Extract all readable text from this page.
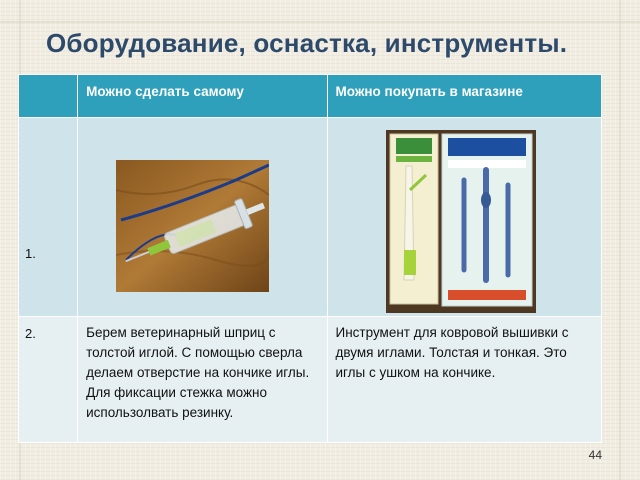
Оборудование, оснастка, инструменты.

	Можно сделать самому	Можно покупать в магазине

1.

2.	Берем ветеринарный шприц с толстой иглой. С помощью сверла делаем отверстие на кончике иглы. Для фиксации стежка можно использолвать резинку.	Инструмент для ковровой вышивки с двумя иглами. Толстая и тонкая. Это иглы с ушком на кончике.
44
